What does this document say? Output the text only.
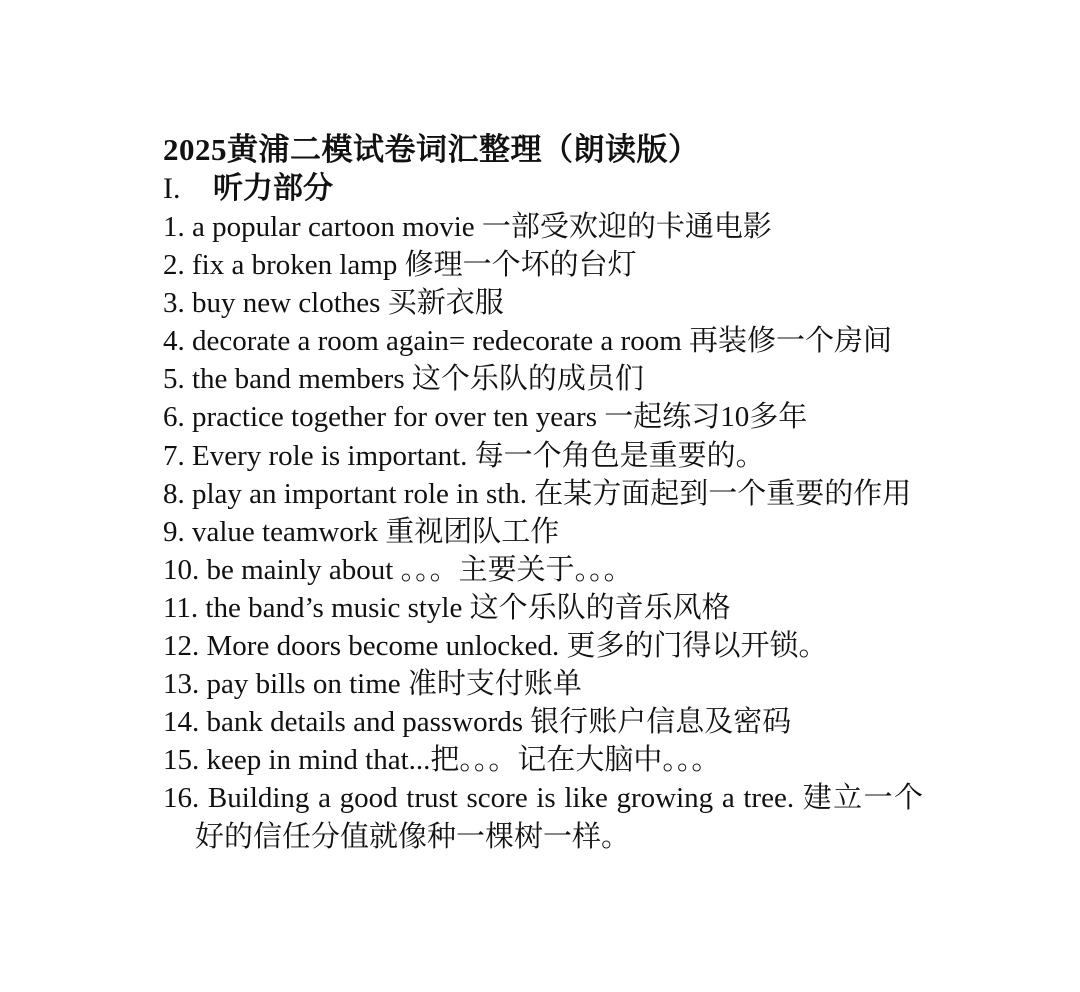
2025黄浦二模试卷词汇整理（朗读版）
I. 听力部分
1. a popular cartoon movie 一部受欢迎的卡通电影
2. fix a broken lamp 修理一个坏的台灯
3. buy new clothes 买新衣服
4. decorate a room again= redecorate a room 再装修一个房间
5. the band members 这个乐队的成员们
6. practice together for over ten years 一起练习10多年
7. Every role is important. 每一个角色是重要的。
8. play an important role in sth. 在某方面起到一个重要的作用
9. value teamwork 重视团队工作
10. be mainly about 。。。主要关于。。。
11. the band’s music style 这个乐队的音乐风格
12. More doors become unlocked. 更多的门得以开锁。
13. pay bills on time 准时支付账单
14. bank details and passwords 银行账户信息及密码
15. keep in mind that...把。。。记在大脑中。。。
16. Building a good trust score is like growing a tree. 建立一个好的信任分值就像种一棵树一样。
